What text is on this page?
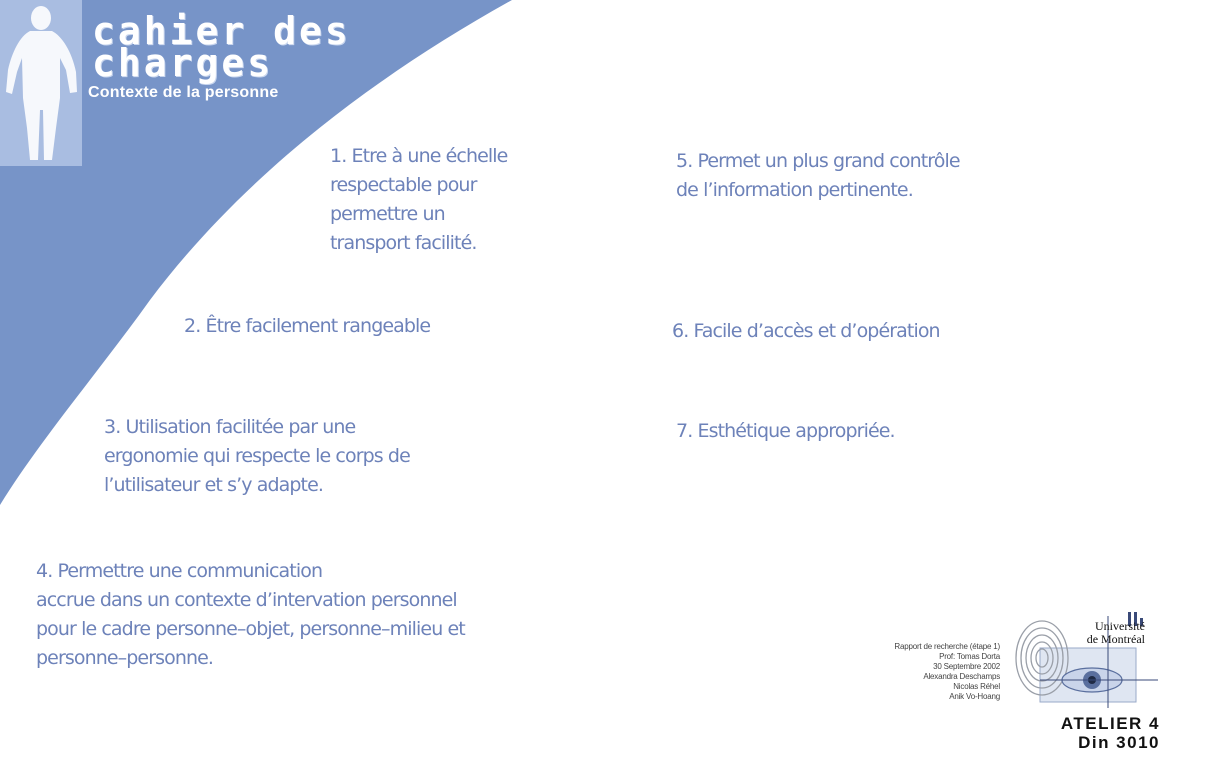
cahier des
charges

Contexte de la personne

1. Etre à une échelle
respectable pour
permettre un
transport facilité.

2. Être facilement rangeable

3. Utilisation facilitée par une
ergonomie qui respecte le corps de
l’utilisateur et s’y adapte.

4. Permettre une communication
accrue dans un contexte d’intervation personnel
pour le cadre personne–objet, personne–milieu et
personne–personne.

5. Permet un plus grand contrôle
de l’information pertinente.

6. Facile d’accès et d’opération

7. Esthétique appropriée.

Rapport de recherche (étape 1)
Prof: Tomas Dorta
30 Septembre 2002
Alexandra Deschamps
Nicolas Réhel
Anik Vo-Hoang

Université
de Montréal

ATELIER 4
Din 3010
